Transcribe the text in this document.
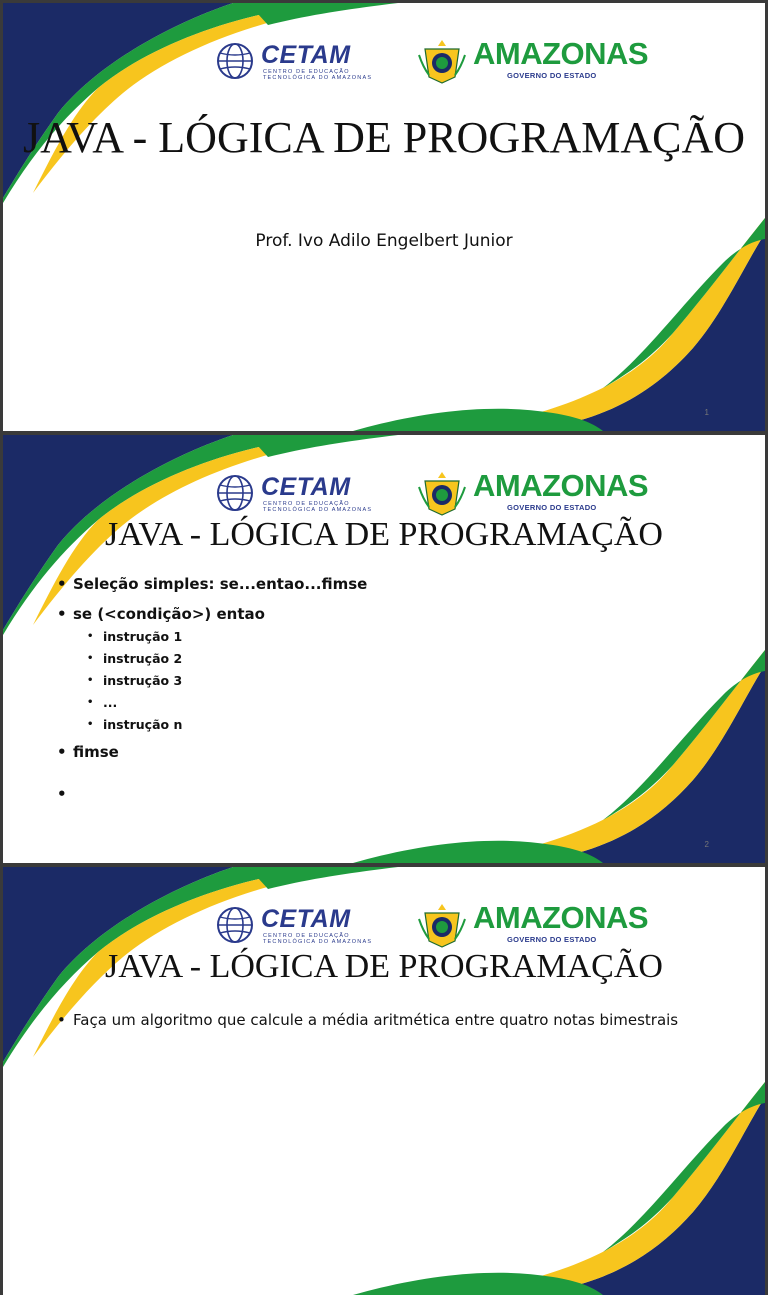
CETAM
CENTRO DE EDUCAÇÃO TECNOLÓGICA DO AMAZONAS
AMAZONAS
GOVERNO DO ESTADO
JAVA - LÓGICA DE PROGRAMAÇÃO
Prof. Ivo Adilo Engelbert Junior
1
CETAM
CENTRO DE EDUCAÇÃO TECNOLÓGICA DO AMAZONAS
AMAZONAS
GOVERNO DO ESTADO
JAVA - LÓGICA DE PROGRAMAÇÃO
• Seleção simples: se...entao...fimse
• se (<condição>) entao
• instrução 1
• instrução 2
• instrução 3
• ...
• instrução n
• fimse
•
2
CETAM
CENTRO DE EDUCAÇÃO TECNOLÓGICA DO AMAZONAS
AMAZONAS
GOVERNO DO ESTADO
JAVA - LÓGICA DE PROGRAMAÇÃO
• Faça um algoritmo que calcule a média aritmética entre quatro notas bimestrais
